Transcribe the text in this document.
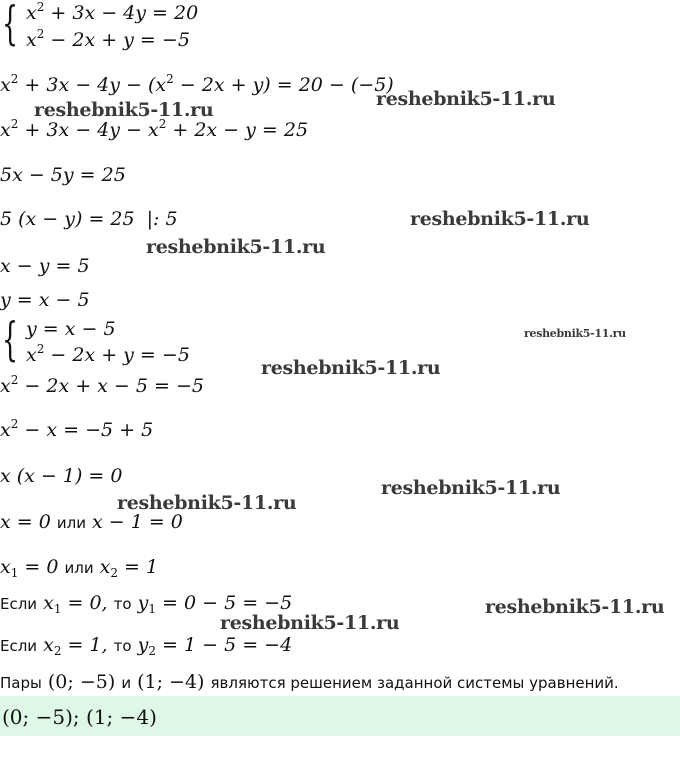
{ $x^2 + 3x - 4y = 20$
$x^2 - 2x + y = -5$
$x^2 + 3x - 4y - (x^2 - 2x + y) = 20 - (-5)$
$x^2 + 3x - 4y - x^2 + 2x - y = 25$
5x − 5y = 25
5 (x − y) = 25  |: 5
x − y = 5
y = x − 5
{ y = x − 5
$x^2 - 2x + y = -5$
$x^2 - 2x + x - 5 = -5$
$x^2 - x = -5 + 5$
x (x − 1) = 0
x = 0 или x − 1 = 0
$x_1 = 0$ или $x_2 = 1$
Если $x_1 = 0$, то $y_1 = 0 - 5 = -5$
Если $x_2 = 1$, то $y_2 = 1 - 5 = -4$
Пары (0; −5) и (1; −4) являются решением заданной системы уравнений.
(0; −5); (1; −4)
reshebnik5-11.ru
reshebnik5-11.ru
reshebnik5-11.ru
reshebnik5-11.ru
reshebnik5-11.ru
reshebnik5-11.ru
reshebnik5-11.ru
reshebnik5-11.ru
reshebnik5-11.ru
reshebnik5-11.ru
